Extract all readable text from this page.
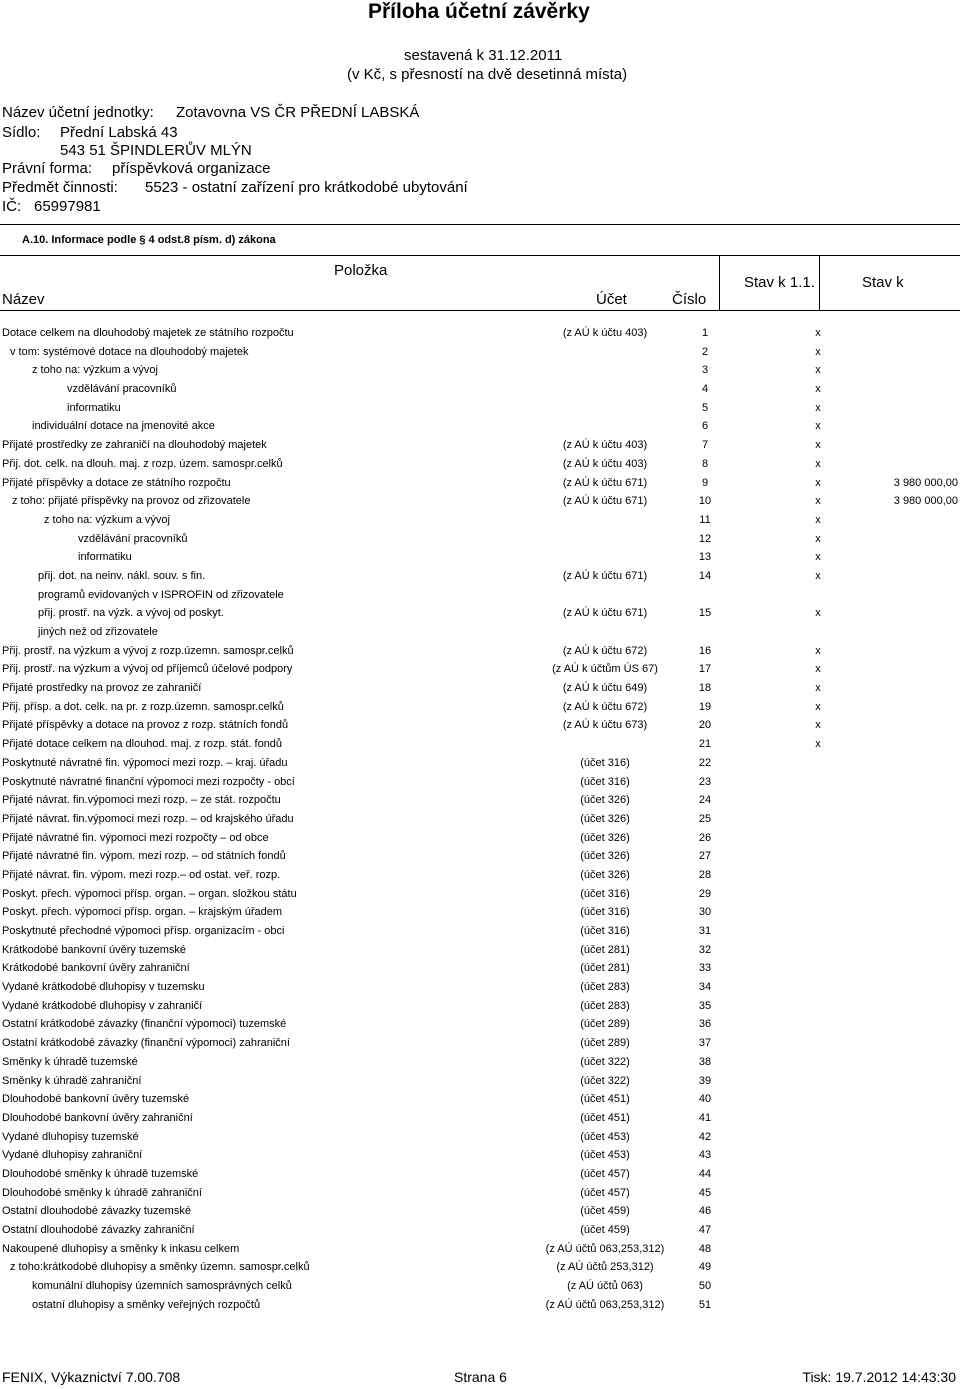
Příloha účetní závěrky
sestavená k 31.12.2011
(v Kč, s přesností na dvě desetinná místa)
Název účetní jednotky: Zotavovna VS ČR PŘEDNÍ LABSKÁ
Sídlo: Přední Labská 43
543 51 ŠPINDLERŮV MLÝN
Právní forma: příspěvková organizace
Předmět činnosti: 5523 - ostatní zařízení pro krátkodobé ubytování
IČ: 65997981
A.10. Informace podle § 4 odst.8 písm. d) zákona
Položka
Název	Účet	Číslo
Stav k 1.1.	Stav k
Dotace celkem na dlouhodobý majetek ze státního rozpočtu	(z AÚ k účtu 403)	1	x
v tom: systémové dotace na dlouhodobý majetek	2	x
z toho na: výzkum a vývoj	3	x
vzdělávání pracovníků	4	x
informatiku	5	x
individuální dotace na jmenovité akce	6	x
Přijaté prostředky ze zahraničí na dlouhodobý majetek	(z AÚ k účtu 403)	7	x
Přij. dot. celk. na dlouh. maj. z rozp. územ. samospr.celků	(z AÚ k účtu 403)	8	x
Přijaté příspěvky a dotace ze státního rozpočtu	(z AÚ k účtu 671)	9	x	3 980 000,00
z toho: přijaté příspěvky na provoz od zřizovatele	(z AÚ k účtu 671)	10	x	3 980 000,00
z toho na: výzkum a vývoj	11	x
vzdělávání pracovníků	12	x
informatiku	13	x
přij. dot. na neinv. nákl. souv. s fin.	(z AÚ k účtu 671)	14	x
programů evidovaných v ISPROFIN od zřizovatele
přij. prostř. na výzk. a vývoj od poskyt.	(z AÚ k účtu 671)	15	x
jiných než od zřizovatele
Přij. prostř. na výzkum a vývoj z rozp.územn. samospr.celků	(z AÚ k účtu 672)	16	x
Přij. prostř. na výzkum a vývoj od příjemců účelové podpory	(z AÚ k účtům ÚS 67)	17	x
Přijaté prostředky na provoz ze zahraničí	(z AÚ k účtu 649)	18	x
Přij. přísp. a dot. celk. na pr. z rozp.územn. samospr.celků	(z AÚ k účtu 672)	19	x
Přijaté příspěvky a dotace na provoz z rozp. státních fondů	(z AÚ k účtu 673)	20	x
Přijaté dotace celkem na dlouhod. maj. z rozp. stát. fondů	21	x
Poskytnuté návratné fin. výpomoci mezi rozp. – kraj. úřadu	(účet 316)	22
Poskytnuté návratné finanční výpomoci mezi rozpočty - obcí	(účet 316)	23
Přijaté návrat. fin.výpomoci mezi rozp. – ze stát. rozpočtu	(účet 326)	24
Přijaté návrat. fin.výpomoci mezi rozp. – od krajského úřadu	(účet 326)	25
Přijaté návratné fin. výpomoci mezi rozpočty – od obce	(účet 326)	26
Přijaté návratné fin. výpom. mezi rozp. – od státních fondů	(účet 326)	27
Přijaté návrat. fin. výpom. mezi rozp.– od ostat. veř. rozp.	(účet 326)	28
Poskyt. přech. výpomoci přísp. organ. – organ. složkou státu	(účet 316)	29
Poskyt. přech. výpomoci přísp. organ. – krajským úřadem	(účet 316)	30
Poskytnuté přechodné výpomoci přísp. organizacím - obci	(účet 316)	31
Krátkodobé bankovní úvěry tuzemské	(účet 281)	32
Krátkodobé bankovní úvěry zahraniční	(účet 281)	33
Vydané krátkodobé dluhopisy v tuzemsku	(účet 283)	34
Vydané krátkodobé dluhopisy v zahraničí	(účet 283)	35
Ostatní krátkodobé závazky (finanční výpomoci) tuzemské	(účet 289)	36
Ostatní krátkodobé závazky (finanční výpomoci) zahraniční	(účet 289)	37
Směnky k úhradě tuzemské	(účet 322)	38
Směnky k úhradě zahraniční	(účet 322)	39
Dlouhodobé bankovní úvěry tuzemské	(účet 451)	40
Dlouhodobé bankovní úvěry zahraniční	(účet 451)	41
Vydané dluhopisy tuzemské	(účet 453)	42
Vydané dluhopisy zahraniční	(účet 453)	43
Dlouhodobé směnky k úhradě tuzemské	(účet 457)	44
Dlouhodobé směnky k úhradě zahraniční	(účet 457)	45
Ostatní dlouhodobé závazky tuzemské	(účet 459)	46
Ostatní dlouhodobé závazky zahraniční	(účet 459)	47
Nakoupené dluhopisy a směnky k inkasu celkem	(z AÚ účtů 063,253,312)	48
z toho:krátkodobé dluhopisy a směnky územn. samospr.celků	(z AÚ účtů 253,312)	49
komunální dluhopisy územních samosprávných celků	(z AÚ účtů 063)	50
ostatní dluhopisy a směnky veřejných rozpočtů	(z AÚ účtů 063,253,312)	51
FENIX, Výkaznictví 7.00.708	Strana 6	Tisk: 19.7.2012 14:43:30
